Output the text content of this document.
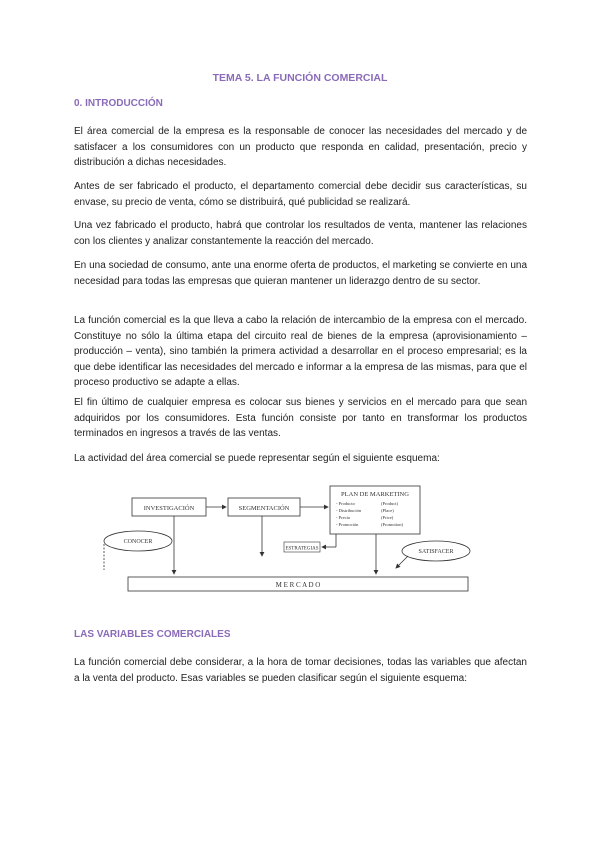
TEMA 5. LA FUNCIÓN COMERCIAL
0. INTRODUCCIÓN

El área comercial de la empresa es la responsable de conocer las necesidades del mercado y de satisfacer a los consumidores con un producto que responda en calidad, presentación, precio y distribución a dichas necesidades.

Antes de ser fabricado el producto, el departamento comercial debe decidir sus características, su envase, su precio de venta, cómo se distribuirá, qué publicidad se realizará.

Una vez fabricado el producto, habrá que controlar los resultados de venta, mantener las relaciones con los clientes y analizar constantemente la reacción del mercado.

En una sociedad de consumo, ante una enorme oferta de productos, el marketing se convierte en una necesidad para todas las empresas que quieran mantener un liderazgo dentro de su sector.

La función comercial es la que lleva a cabo la relación de intercambio de la empresa con el mercado. Constituye no sólo la última etapa del circuito real de bienes de la empresa (aprovisionamiento – producción – venta), sino también la primera actividad a desarrollar en el proceso empresarial; es la que debe identificar las necesidades del mercado e informar a la empresa de las mismas, para que el proceso productivo se adapte a ellas.

El fin último de cualquier empresa es colocar sus bienes y servicios en el mercado para que sean adquiridos por los consumidores. Esta función consiste por tanto en transformar los productos terminados en ingresos a través de las ventas.

La actividad del área comercial se puede representar según el siguiente esquema:

INVESTIGACIÓN	SEGMENTACIÓN
PLAN DE MARKETING
- Producto	(Product)
- Distribución	(Place)
- Precio	(Price)
- Promoción	(Promotion)
CONOCER
ESTRATEGIAS	SATISFACER
M E R C A D O
LAS VARIABLES COMERCIALES

La función comercial debe considerar, a la hora de tomar decisiones, todas las variables que afectan a la venta del producto. Esas variables se pueden clasificar según el siguiente esquema:
